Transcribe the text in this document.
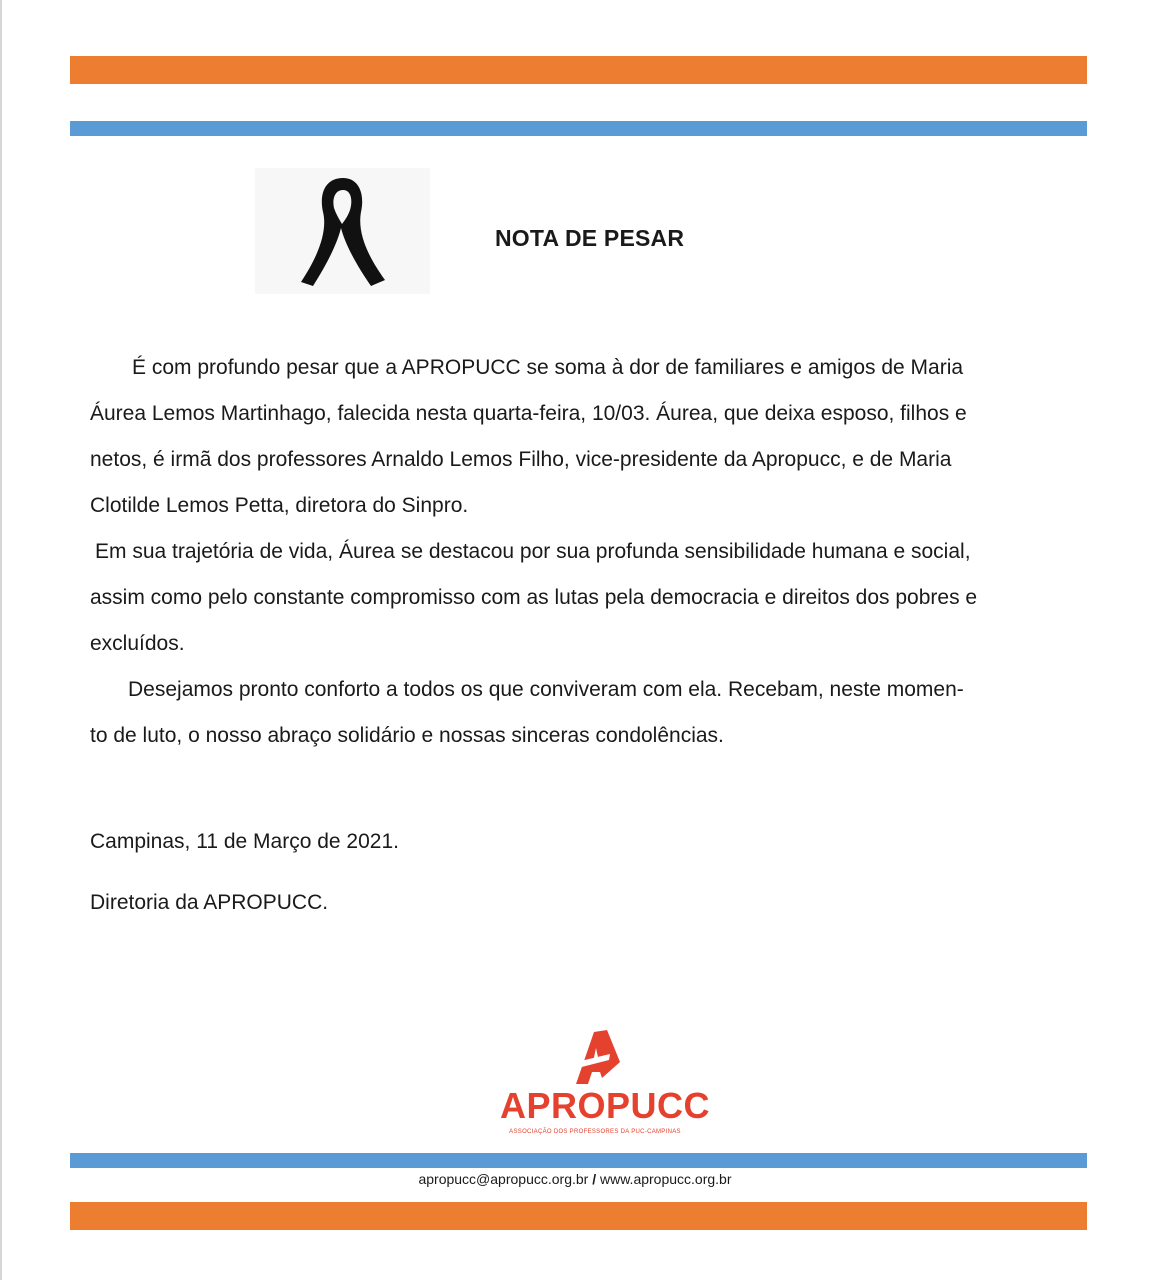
NOTA DE PESAR

É com profundo pesar que a APROPUCC se soma à dor de familiares e amigos de Maria

Áurea Lemos Martinhago, falecida nesta quarta-feira, 10/03. Áurea, que deixa esposo, filhos e

netos, é irmã dos professores Arnaldo Lemos Filho, vice-presidente da Apropucc, e de Maria

Clotilde Lemos Petta, diretora do Sinpro.

Em sua trajetória de vida, Áurea se destacou por sua profunda sensibilidade humana e social,

assim como pelo constante compromisso com as lutas pela democracia e direitos dos pobres e

excluídos.

Desejamos pronto conforto a todos os que conviveram com ela. Recebam, neste momen-

to de luto, o nosso abraço solidário e nossas sinceras condolências.

Campinas, 11 de Março de 2021.
Diretoria da APROPUCC.
APROPUCC
ASSOCIAÇÃO DOS PROFESSORES DA PUC-CAMPINAS
apropucc@apropucc.org.br / www.apropucc.org.br
